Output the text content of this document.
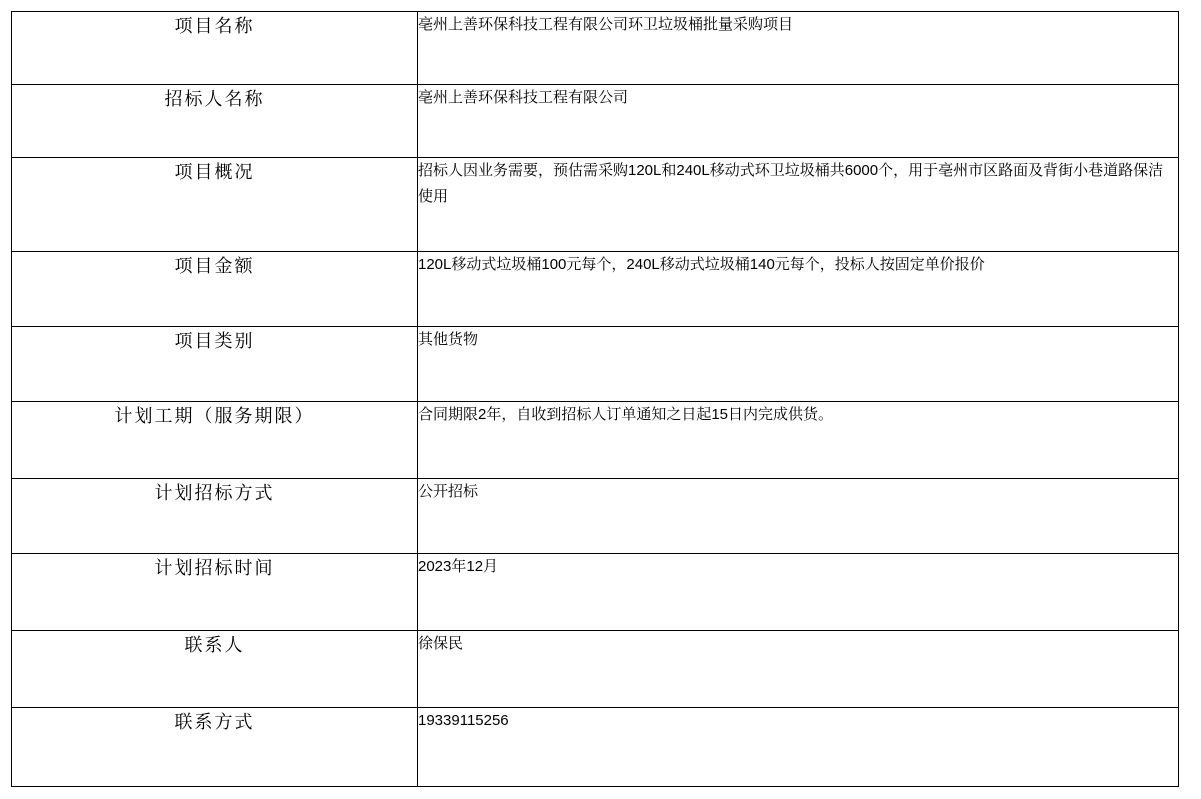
项目名称	亳州上善环保科技工程有限公司环卫垃圾桶批量采购项目

招标人名称	亳州上善环保科技工程有限公司

项目概况	招标人因业务需要，预估需采购120L和240L移动式环卫垃圾桶共6000个，用于亳州市区路面及背街小巷道路保洁使用

项目金额	120L移动式垃圾桶100元每个，240L移动式垃圾桶140元每个，投标人按固定单价报价

项目类别	其他货物

计划工期（服务期限）	合同期限2年，自收到招标人订单通知之日起15日内完成供货。

计划招标方式	公开招标

计划招标时间	2023年12月

联系人	徐保民

联系方式	19339115256
